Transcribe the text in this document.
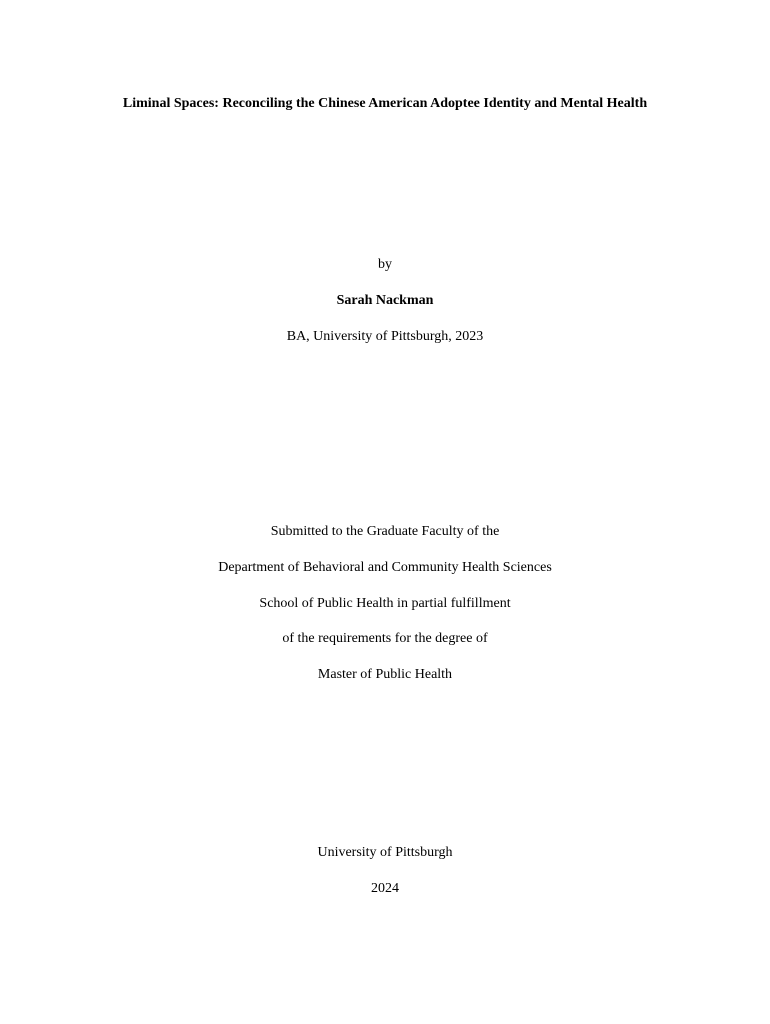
Liminal Spaces: Reconciling the Chinese American Adoptee Identity and Mental Health
by
Sarah Nackman
BA, University of Pittsburgh, 2023
Submitted to the Graduate Faculty of the
Department of Behavioral and Community Health Sciences
School of Public Health in partial fulfillment
of the requirements for the degree of
Master of Public Health
University of Pittsburgh
2024
